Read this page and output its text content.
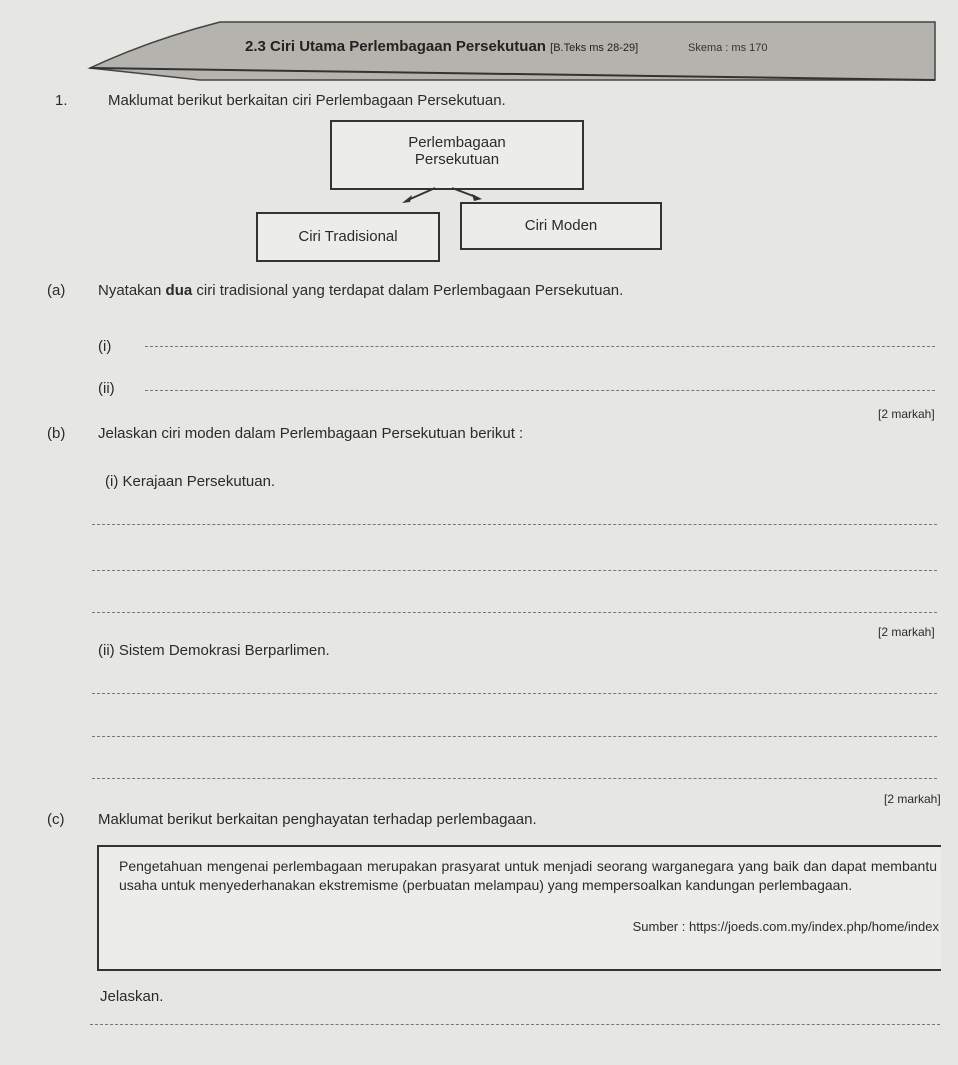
2.3 Ciri Utama Perlembagaan Persekutuan [B.Teks ms 28-29]	Skema : ms 170
1.	Maklumat berikut berkaitan ciri Perlembagaan Persekutuan.
Perlembagaan
Persekutuan
Ciri Tradisional
Ciri Moden
(a) Nyatakan dua ciri tradisional yang terdapat dalam Perlembagaan Persekutuan.
(i)
(ii)
[2 markah]
(b) Jelaskan ciri moden dalam Perlembagaan Persekutuan berikut :
(i) Kerajaan Persekutuan.
[2 markah]
(ii) Sistem Demokrasi Berparlimen.
[2 markah]
(c) Maklumat berikut berkaitan penghayatan terhadap perlembagaan.
Pengetahuan mengenai perlembagaan merupakan prasyarat untuk menjadi seorang warganegara yang baik dan dapat membantu usaha untuk menyederhanakan ekstremisme (perbuatan melampau) yang mempersoalkan kandungan perlembagaan.
Sumber : https://joeds.com.my/index.php/home/index
Jelaskan.
